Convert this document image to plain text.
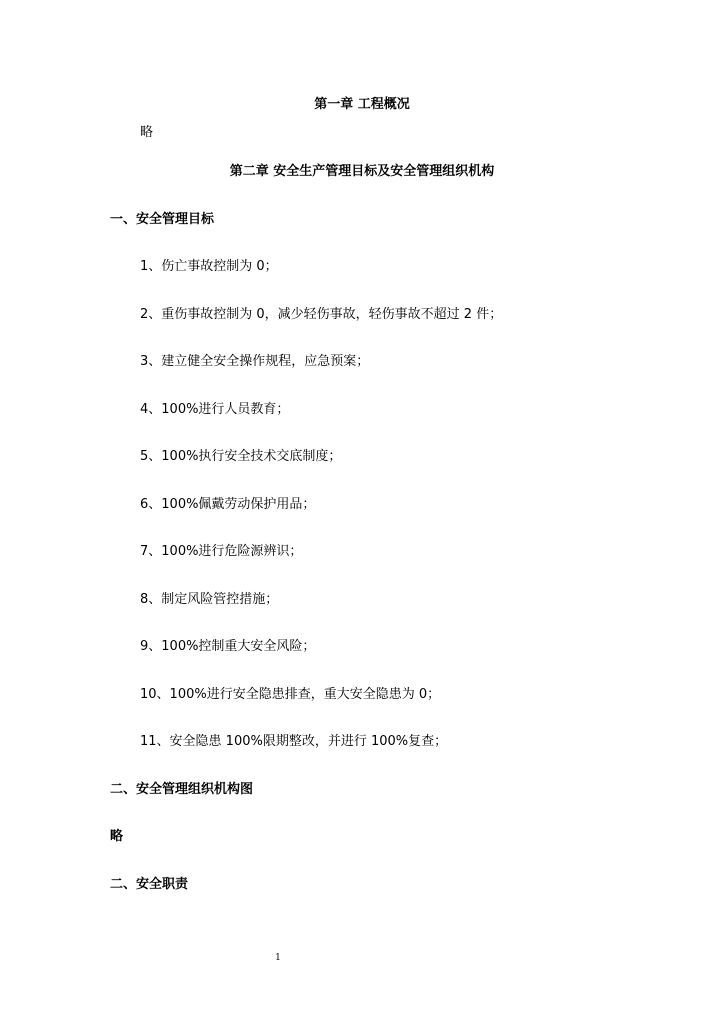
第一章 工程概况
略
第二章 安全生产管理目标及安全管理组织机构
一、安全管理目标
1、伤亡事故控制为 0；
2、重伤事故控制为 0，减少轻伤事故，轻伤事故不超过 2 件；
3、建立健全安全操作规程，应急预案；
4、100%进行人员教育；
5、100%执行安全技术交底制度；
6、100%佩戴劳动保护用品；
7、100%进行危险源辨识；
8、制定风险管控措施；
9、100%控制重大安全风险；
10、100%进行安全隐患排查，重大安全隐患为 0；
11、安全隐患 100%限期整改，并进行 100%复查；
二、安全管理组织机构图
略
二、安全职责
1
